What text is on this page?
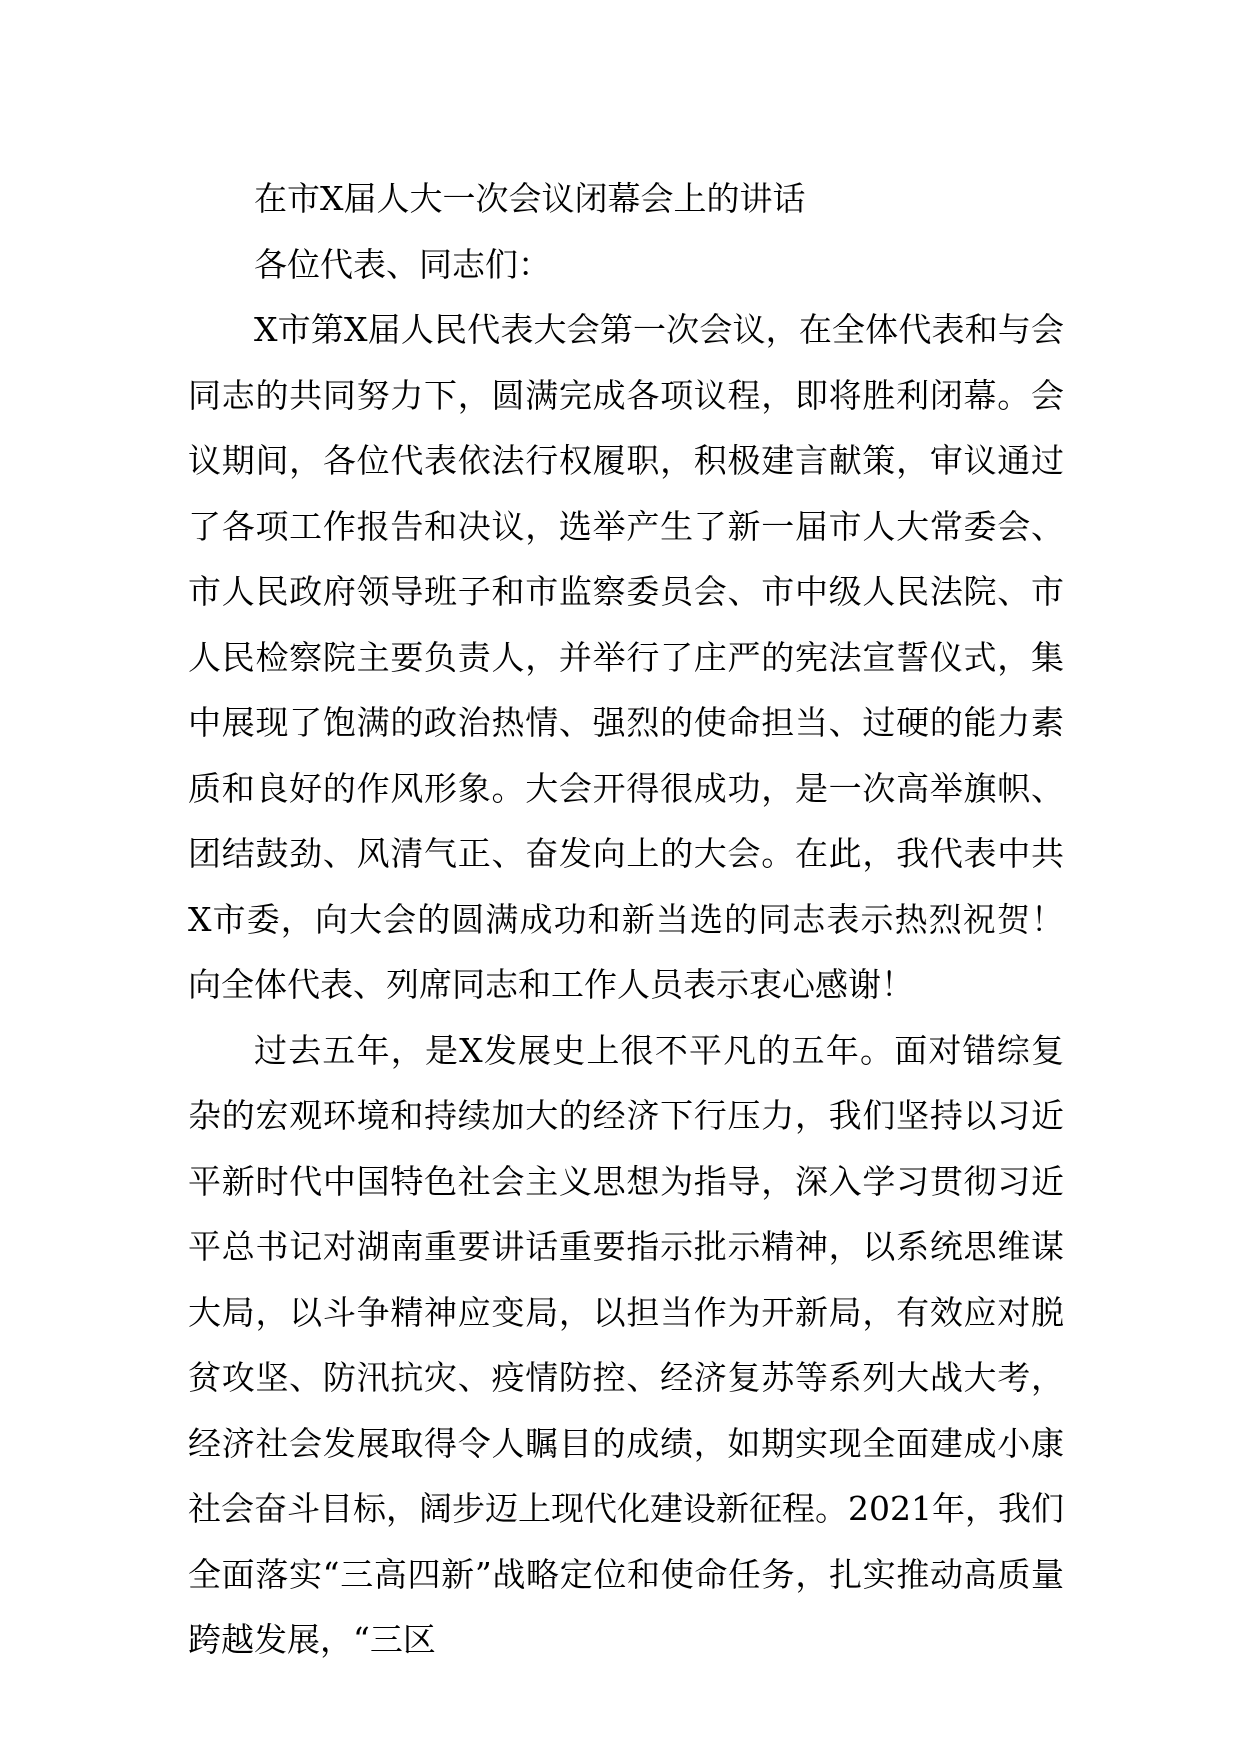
在市X届人大一次会议闭幕会上的讲话

各位代表、同志们：

X市第X届人民代表大会第一次会议，在全体代表和与会同志的共同努力下，圆满完成各项议程，即将胜利闭幕。会议期间，各位代表依法行权履职，积极建言献策，审议通过了各项工作报告和决议，选举产生了新一届市人大常委会、市人民政府领导班子和市监察委员会、市中级人民法院、市人民检察院主要负责人，并举行了庄严的宪法宣誓仪式，集中展现了饱满的政治热情、强烈的使命担当、过硬的能力素质和良好的作风形象。大会开得很成功，是一次高举旗帜、团结鼓劲、风清气正、奋发向上的大会。在此，我代表中共X市委，向大会的圆满成功和新当选的同志表示热烈祝贺！向全体代表、列席同志和工作人员表示衷心感谢！

过去五年，是X发展史上很不平凡的五年。面对错综复杂的宏观环境和持续加大的经济下行压力，我们坚持以习近平新时代中国特色社会主义思想为指导，深入学习贯彻习近平总书记对湖南重要讲话重要指示批示精神，以系统思维谋大局，以斗争精神应变局，以担当作为开新局，有效应对脱贫攻坚、防汛抗灾、疫情防控、经济复苏等系列大战大考，经济社会发展取得令人瞩目的成绩，如期实现全面建成小康社会奋斗目标，阔步迈上现代化建设新征程。2021年，我们全面落实“三高四新”战略定位和使命任务，扎实推动高质量跨越发展，“三区
